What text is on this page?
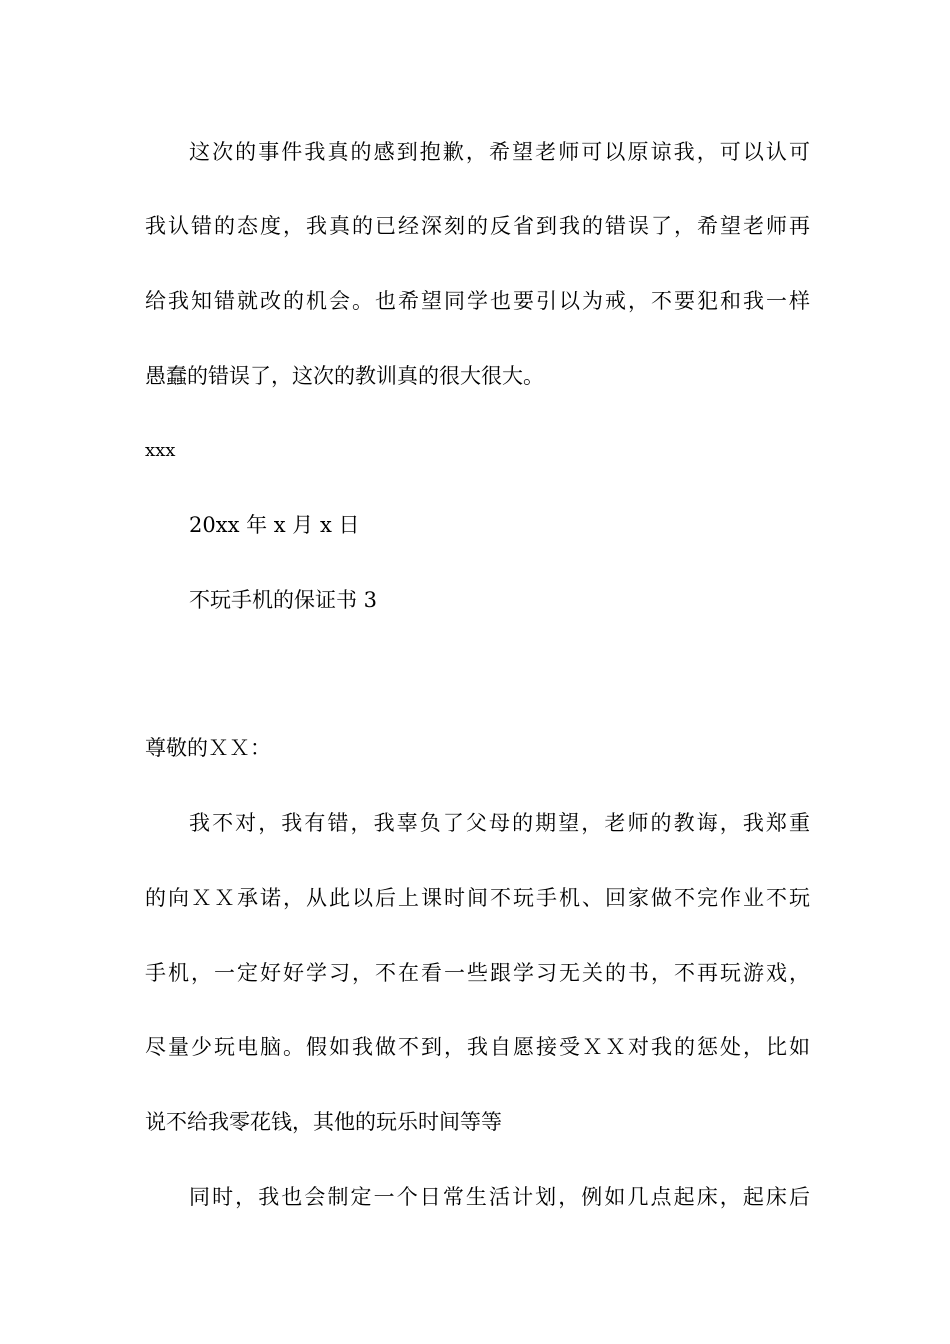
这次的事件我真的感到抱歉，希望老师可以原谅我，可以认可
我认错的态度，我真的已经深刻的反省到我的错误了，希望老师再
给我知错就改的机会。也希望同学也要引以为戒，不要犯和我一样
愚蠢的错误了，这次的教训真的很大很大。
xxx
20xx 年 x 月 x 日
不玩手机的保证书 3
尊敬的ＸＸ：
我不对，我有错，我辜负了父母的期望，老师的教诲，我郑重
的向ＸＸ承诺，从此以后上课时间不玩手机、回家做不完作业不玩
手机，一定好好学习，不在看一些跟学习无关的书，不再玩游戏，
尽量少玩电脑。假如我做不到，我自愿接受ＸＸ对我的惩处，比如
说不给我零花钱，其他的玩乐时间等等
同时，我也会制定一个日常生活计划，例如几点起床，起床后
